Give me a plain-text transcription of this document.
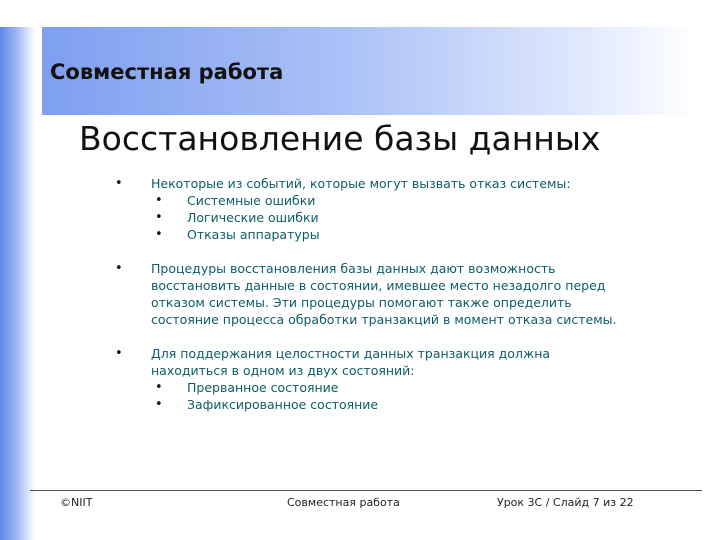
Совместная работа
Восстановление базы данных
• Некоторые из событий, которые могут вызвать отказ системы:
• Системные ошибки
• Логические ошибки
• Отказы аппаратуры
• Процедуры восстановления базы данных дают возможность
восстановить данные в состоянии, имевшее место незадолго перед
отказом системы. Эти процедуры помогают также определить
состояние процесса обработки транзакций в момент отказа системы.
• Для поддержания целостности данных транзакция должна
находиться в одном из двух состояний:
• Прерванное состояние
• Зафиксированное состояние
©NIIT	Совместная работа	Урок 3C / Слайд 7 из 22
